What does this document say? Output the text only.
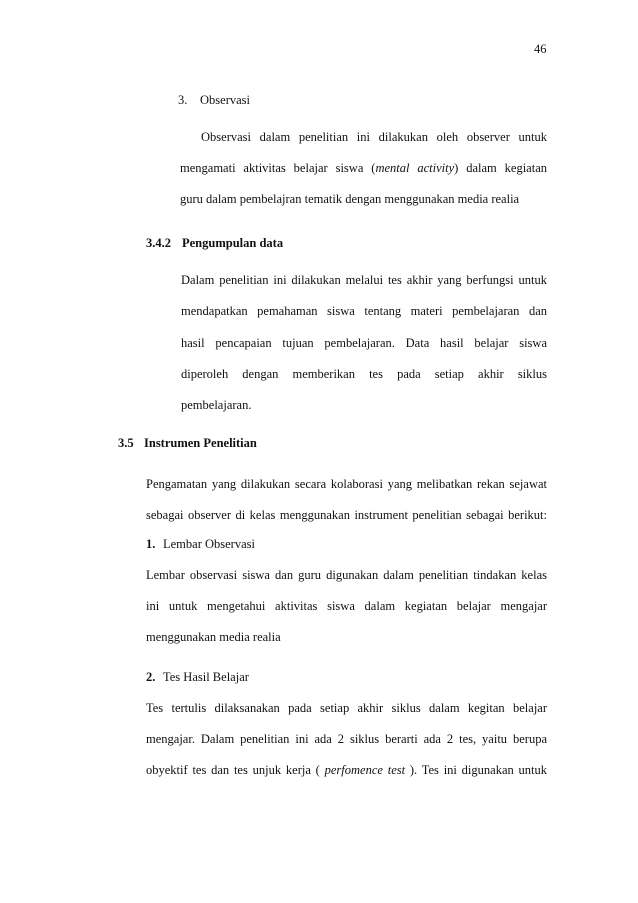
46
3. Observasi
Observasi dalam penelitian ini dilakukan oleh observer untuk
mengamati aktivitas belajar siswa (mental activity) dalam kegiatan
guru dalam pembelajran tematik dengan menggunakan media realia
3.4.2 Pengumpulan data
Dalam penelitian ini dilakukan melalui tes akhir yang berfungsi untuk
mendapatkan pemahaman siswa tentang materi pembelajaran dan
hasil pencapaian tujuan pembelajaran. Data hasil belajar siswa
diperoleh dengan memberikan tes pada setiap akhir siklus
pembelajaran.
3.5 Instrumen Penelitian
Pengamatan yang dilakukan secara kolaborasi yang melibatkan rekan sejawat
sebagai observer di kelas menggunakan instrument penelitian sebagai berikut:
1. Lembar Observasi
Lembar observasi siswa dan guru digunakan dalam penelitian tindakan kelas
ini untuk mengetahui aktivitas siswa dalam kegiatan belajar mengajar
menggunakan media realia
2. Tes Hasil Belajar
Tes tertulis dilaksanakan pada setiap akhir siklus dalam kegitan belajar
mengajar. Dalam penelitian ini ada 2 siklus berarti ada 2 tes, yaitu berupa
obyektif tes dan tes unjuk kerja ( perfomence test ). Tes ini digunakan untuk
